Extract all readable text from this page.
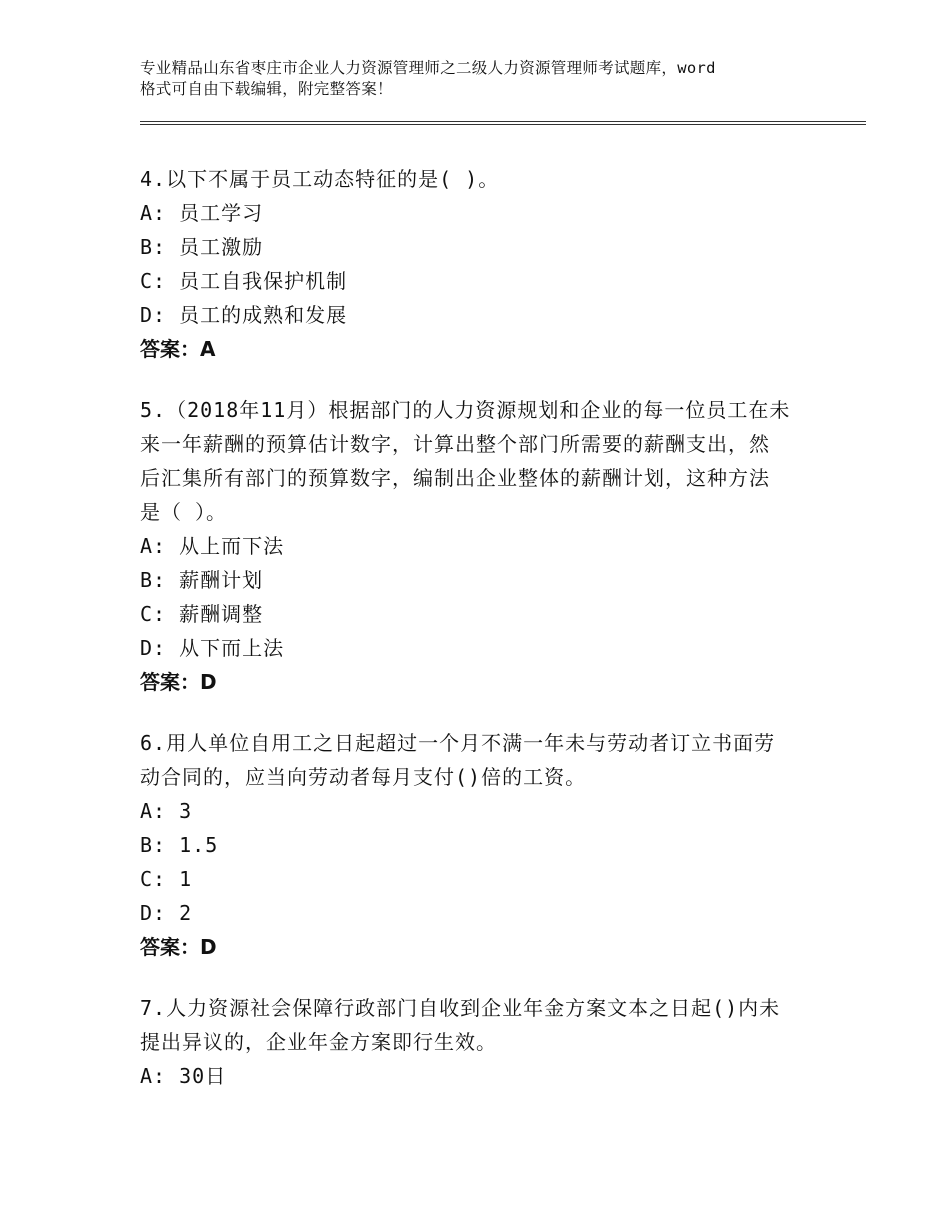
专业精品山东省枣庄市企业人力资源管理师之二级人力资源管理师考试题库，word
格式可自由下载编辑，附完整答案！
4.以下不属于员工动态特征的是( )。
A: 员工学习
B: 员工激励
C: 员工自我保护机制
D: 员工的成熟和发展
答案：A
5.（2018年11月）根据部门的人力资源规划和企业的每一位员工在未
来一年薪酬的预算估计数字，计算出整个部门所需要的薪酬支出，然
后汇集所有部门的预算数字，编制出企业整体的薪酬计划，这种方法
是（ ）。
A: 从上而下法
B: 薪酬计划
C: 薪酬调整
D: 从下而上法
答案：D
6.用人单位自用工之日起超过一个月不满一年未与劳动者订立书面劳
动合同的，应当向劳动者每月支付()倍的工资。
A: 3
B: 1.5
C: 1
D: 2
答案：D
7.人力资源社会保障行政部门自收到企业年金方案文本之日起()内未
提出异议的，企业年金方案即行生效。
A: 30日
